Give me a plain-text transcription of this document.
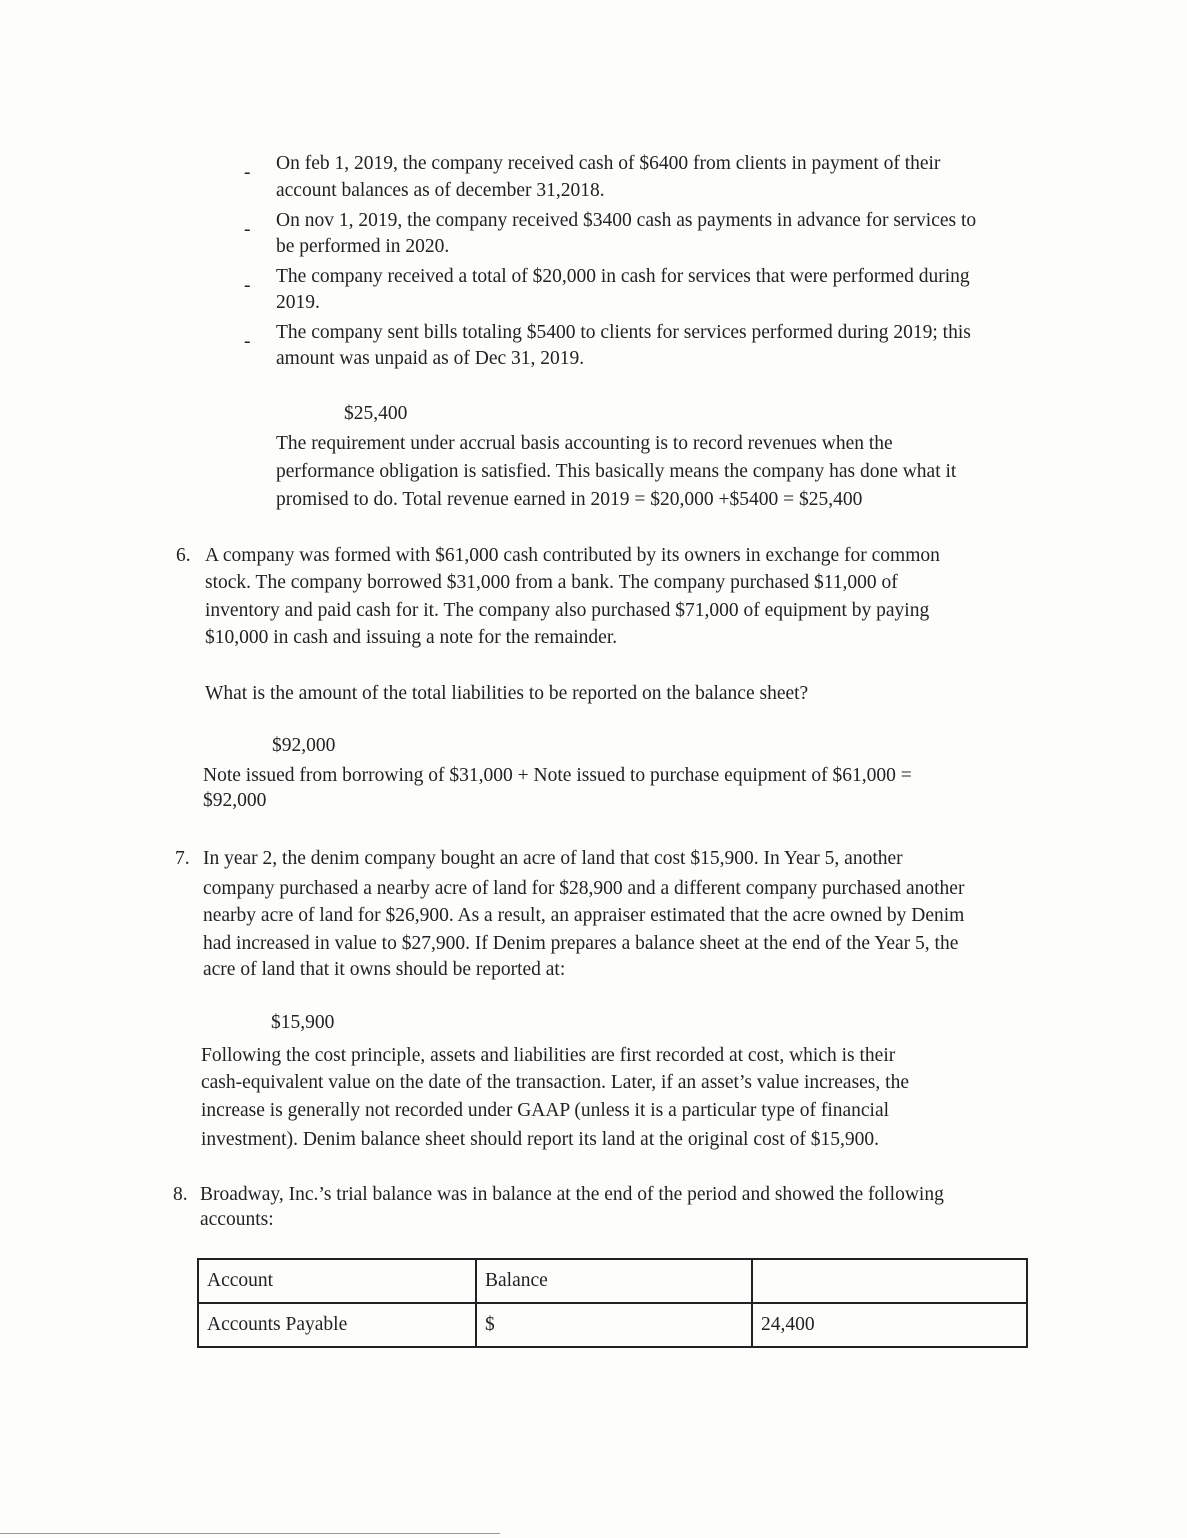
- On feb 1, 2019, the company received cash of $6400 from clients in payment of their
account balances as of december 31,2018.
- On nov 1, 2019, the company received $3400 cash as payments in advance for services to
be performed in 2020.
- The company received a total of $20,000 in cash for services that were performed during
2019.
- The company sent bills totaling $5400 to clients for services performed during 2019; this
amount was unpaid as of Dec 31, 2019.
$25,400
The requirement under accrual basis accounting is to record revenues when the
performance obligation is satisfied. This basically means the company has done what it
promised to do. Total revenue earned in 2019 = $20,000 +$5400 = $25,400
6. A company was formed with $61,000 cash contributed by its owners in exchange for common
stock. The company borrowed $31,000 from a bank. The company purchased $11,000 of
inventory and paid cash for it. The company also purchased $71,000 of equipment by paying
$10,000 in cash and issuing a note for the remainder.
What is the amount of the total liabilities to be reported on the balance sheet?
$92,000
Note issued from borrowing of $31,000 + Note issued to purchase equipment of $61,000 =
$92,000
7. In year 2, the denim company bought an acre of land that cost $15,900. In Year 5, another
company purchased a nearby acre of land for $28,900 and a different company purchased another
nearby acre of land for $26,900. As a result, an appraiser estimated that the acre owned by Denim
had increased in value to $27,900. If Denim prepares a balance sheet at the end of the Year 5, the
acre of land that it owns should be reported at:
$15,900
Following the cost principle, assets and liabilities are first recorded at cost, which is their
cash-equivalent value on the date of the transaction. Later, if an asset’s value increases, the
increase is generally not recorded under GAAP (unless it is a particular type of financial
investment). Denim balance sheet should report its land at the original cost of $15,900.
8. Broadway, Inc.’s trial balance was in balance at the end of the period and showed the following
accounts:
Account	Balance	
Accounts Payable	$	24,400
